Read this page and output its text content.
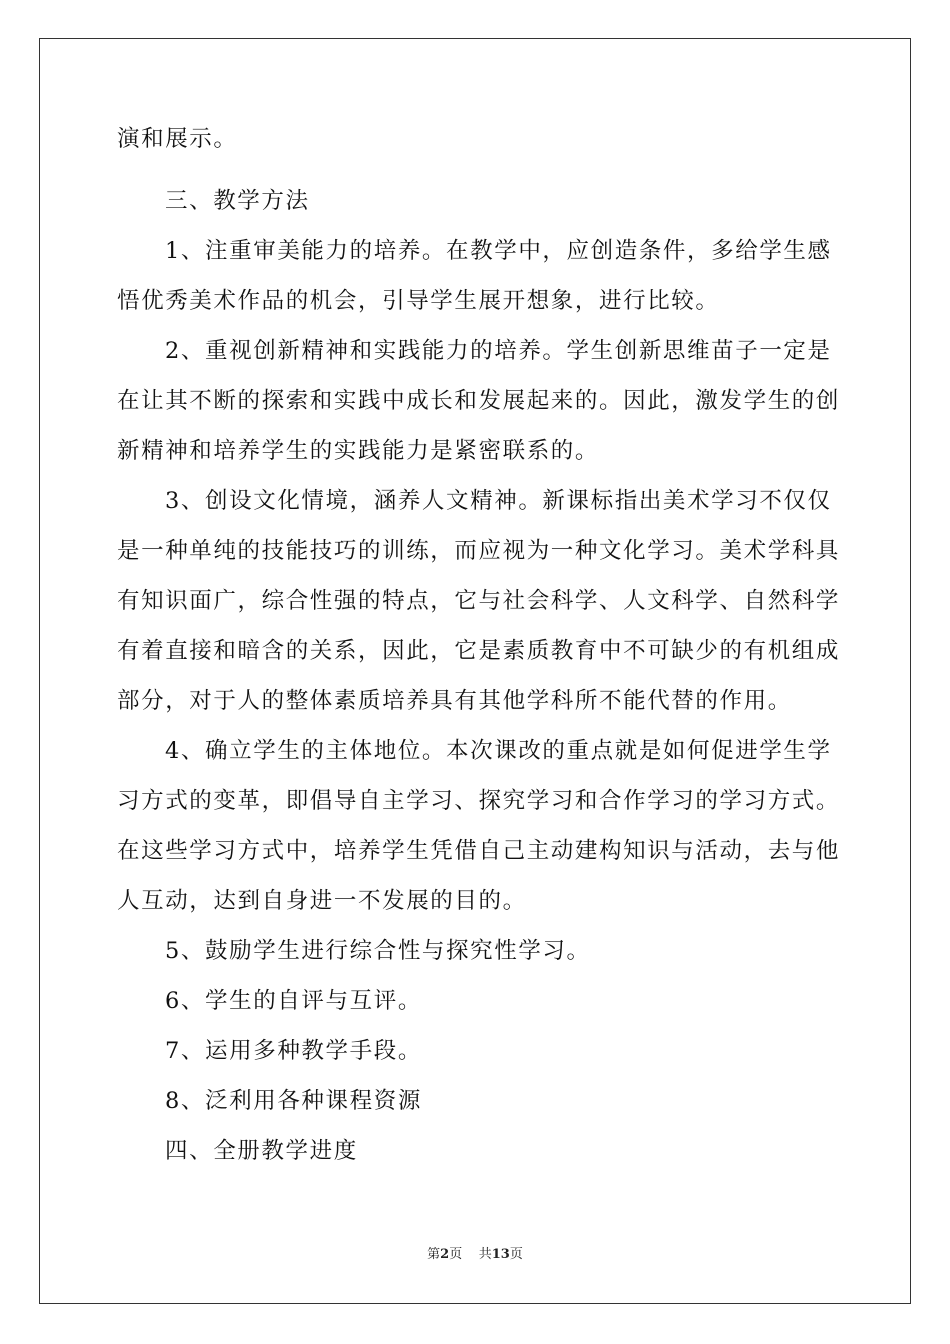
演和展示。
三、教学方法
1、注重审美能力的培养。在教学中，应创造条件，多给学生感
悟优秀美术作品的机会，引导学生展开想象，进行比较。
2、重视创新精神和实践能力的培养。学生创新思维苗子一定是
在让其不断的探索和实践中成长和发展起来的。因此，激发学生的创
新精神和培养学生的实践能力是紧密联系的。
3、创设文化情境，涵养人文精神。新课标指出美术学习不仅仅
是一种单纯的技能技巧的训练，而应视为一种文化学习。美术学科具
有知识面广，综合性强的特点，它与社会科学、人文科学、自然科学
有着直接和暗含的关系，因此，它是素质教育中不可缺少的有机组成
部分，对于人的整体素质培养具有其他学科所不能代替的作用。
4、确立学生的主体地位。本次课改的重点就是如何促进学生学
习方式的变革，即倡导自主学习、探究学习和合作学习的学习方式。
在这些学习方式中，培养学生凭借自己主动建构知识与活动，去与他
人互动，达到自身进一不发展的目的。
5、鼓励学生进行综合性与探究性学习。
6、学生的自评与互评。
7、运用多种教学手段。
8、泛利用各种课程资源
四、全册教学进度
第2页 共13页
